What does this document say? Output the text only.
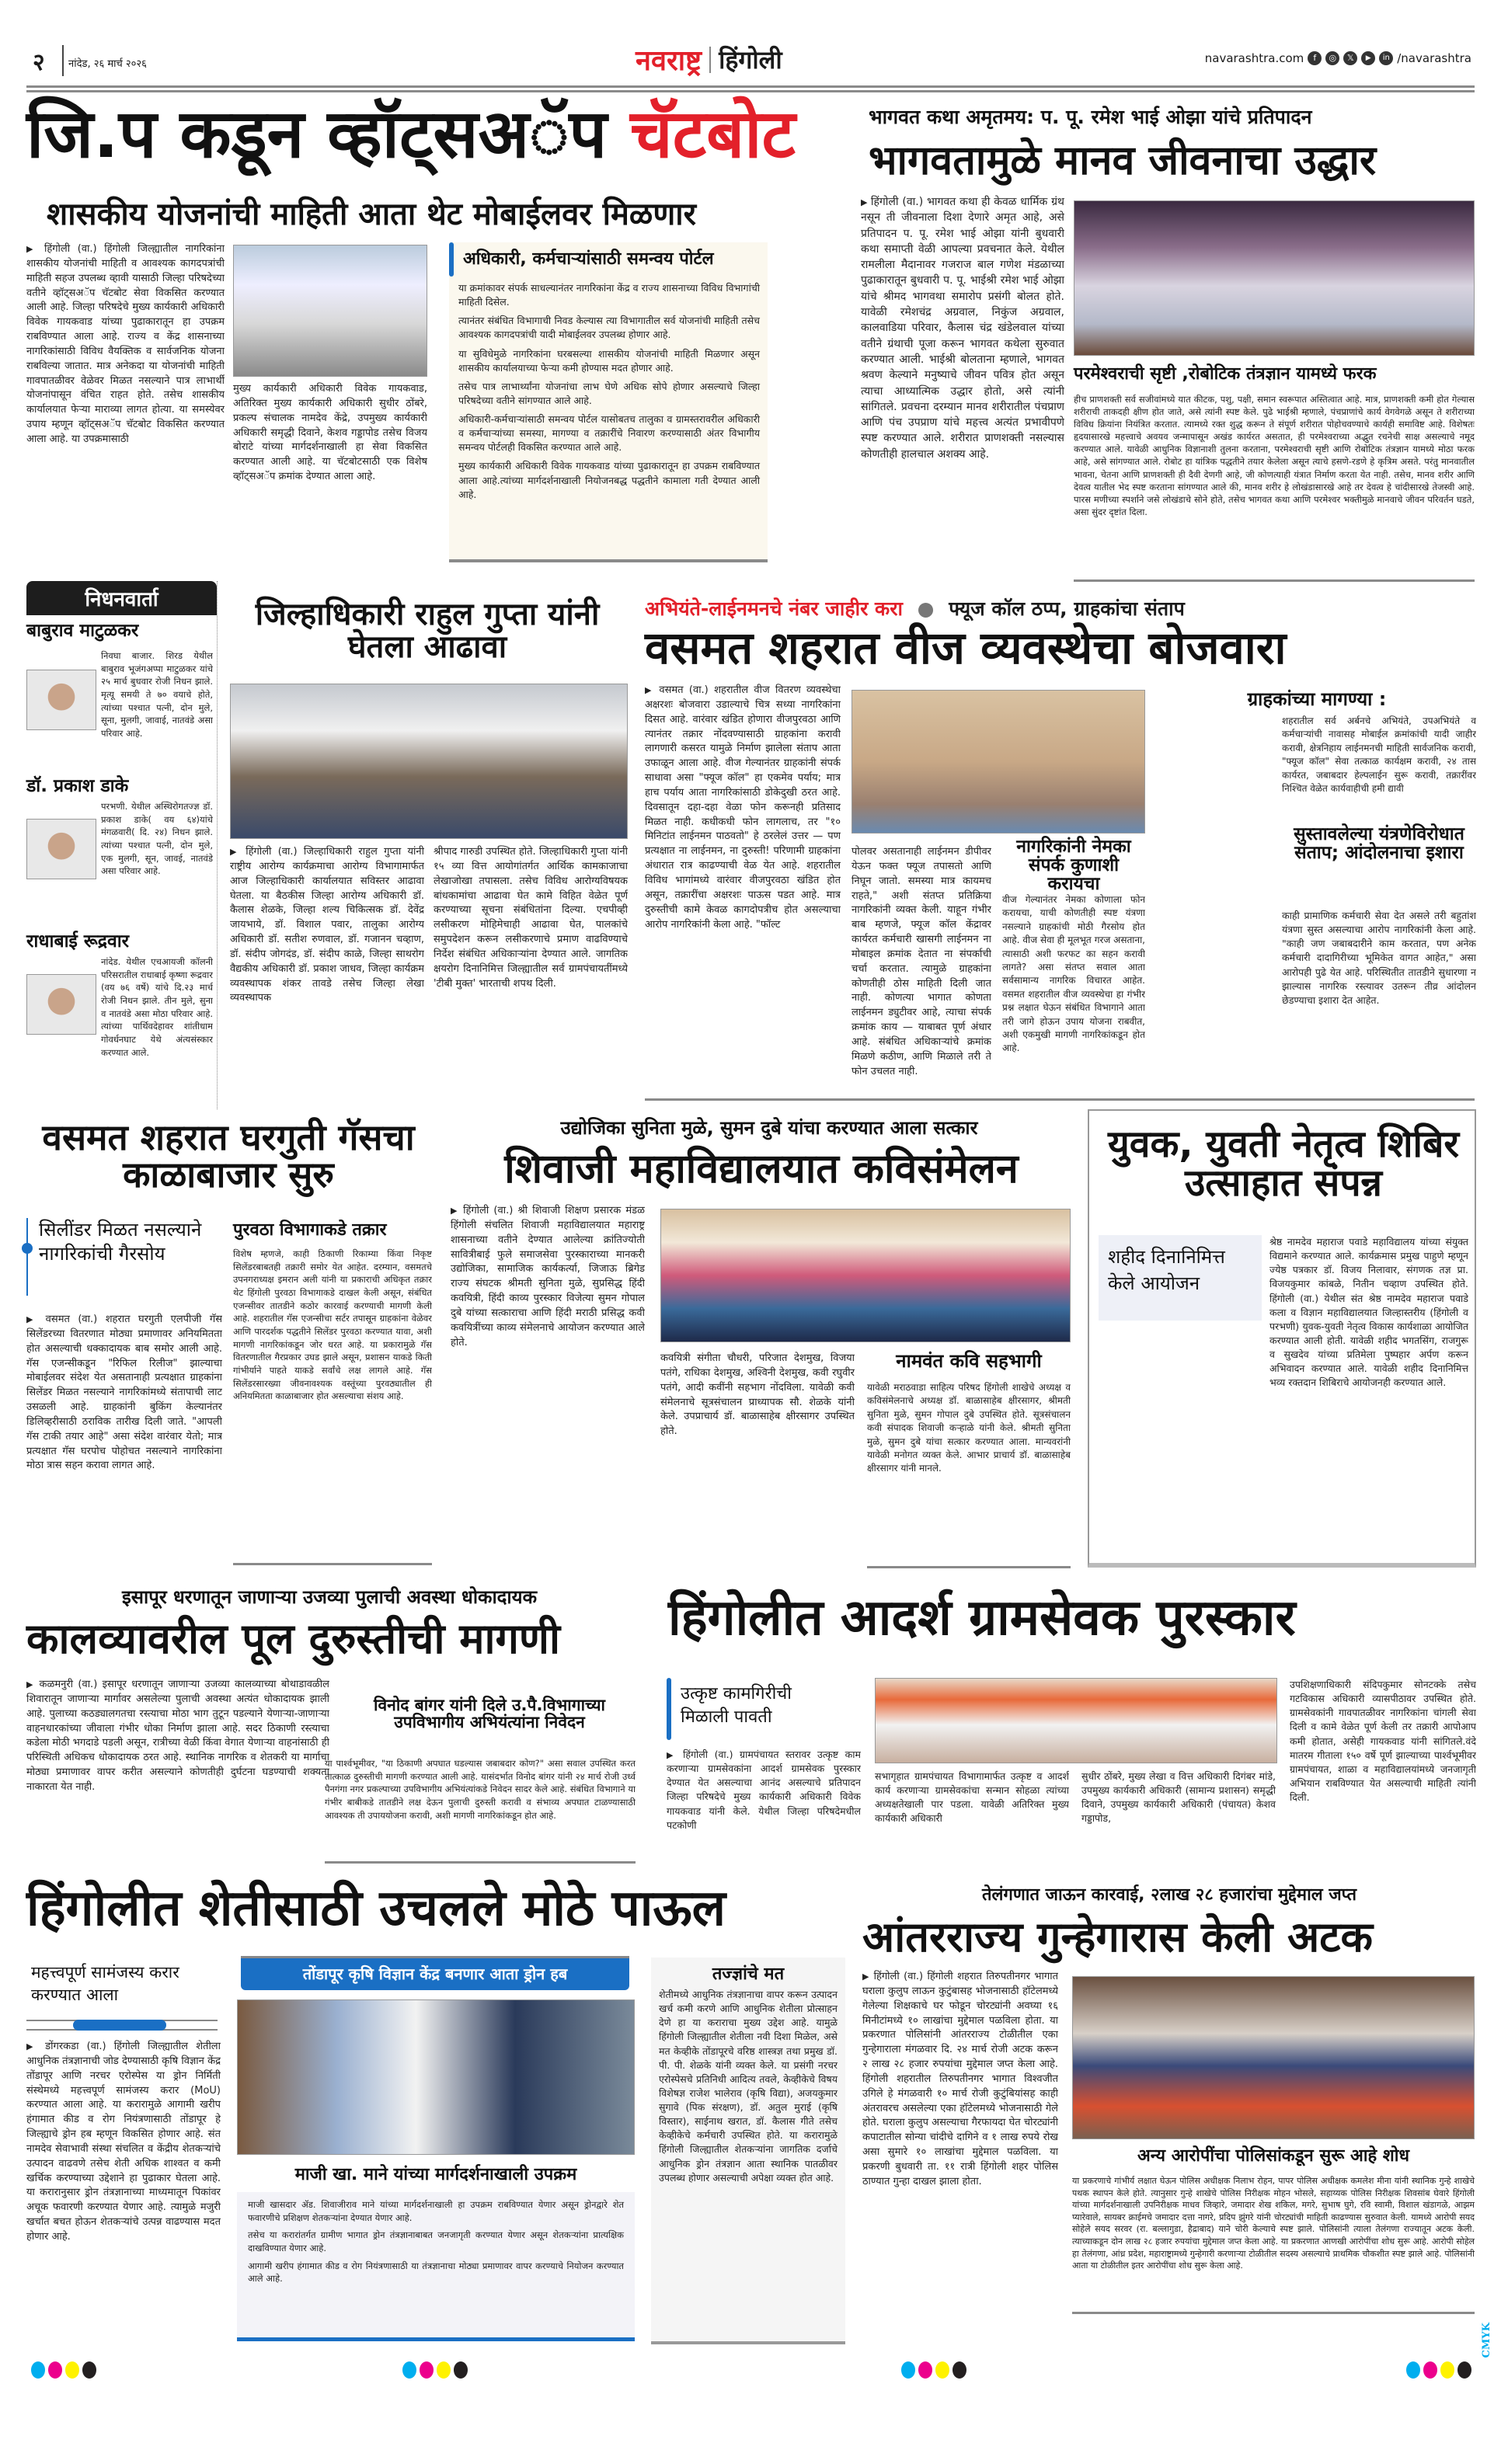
२ नांदेड, २६ मार्च २०२६	नवराष्ट्र हिंगोली	navarashtra.com	f	◎	𝕏	▶	in /navarashtra
जि.प कडून व्हॉट्सअॅप चॅटबोट
शासकीय योजनांची माहिती आता थेट मोबाईलवर मिळणार
▶ हिंगोली (वा.) हिंगोली जिल्ह्यातील नागरिकांना शासकीय योजनांची माहिती व आवश्यक कागदपत्रांची माहिती सहज उपलब्ध व्हावी यासाठी जिल्हा परिषदेच्या वतीने व्हॉट्सअॅप चॅटबोट सेवा विकसित करण्यात आली आहे. जिल्हा परिषदेचे मुख्य कार्यकारी अधिकारी विवेक गायकवाड यांच्या पुढाकारातून हा उपक्रम राबविण्यात आला आहे. राज्य व केंद्र शासनाच्या नागरिकांसाठी विविध वैयक्तिक व सार्वजनिक योजना राबविल्या जातात. मात्र अनेकदा या योजनांची माहिती गावपातळीवर वेळेवर मिळत नसल्याने पात्र लाभार्थी योजनांपासून वंचित राहत होते. तसेच शासकीय कार्यालयात फेऱ्या माराव्या लागत होत्या. या समस्येवर उपाय म्हणून व्हॉट्सअॅप चॅटबोट विकसित करण्यात आला आहे. या उपक्रमासाठी
मुख्य कार्यकारी अधिकारी विवेक गायकवाड, अतिरिक्त मुख्य कार्यकारी अधिकारी सुधीर ठोंबरे, प्रकल्प संचालक नामदेव केंद्रे, उपमुख्य कार्यकारी अधिकारी समृद्धी दिवाने, केशव गड्डापोड तसेच विजय बोराटे यांच्या मार्गदर्शनाखाली हा सेवा विकसित करण्यात आली आहे. या चॅटबोटसाठी एक विशेष व्हॉट्सअॅप क्रमांक देण्यात आला आहे.
अधिकारी, कर्मचाऱ्यांसाठी समन्वय पोर्टल

या क्रमांकावर संपर्क साधल्यानंतर नागरिकांना केंद्र व राज्य शासनाच्या विविध विभागांची माहिती दिसेल.

त्यानंतर संबंधित विभागाची निवड केल्यास त्या विभागातील सर्व योजनांची माहिती तसेच आवश्यक कागदपत्रांची यादी मोबाईलवर उपलब्ध होणार आहे.

या सुविधेमुळे नागरिकांना घरबसल्या शासकीय योजनांची माहिती मिळणार असून शासकीय कार्यालयाच्या फेऱ्या कमी होण्यास मदत होणार आहे.

तसेच पात्र लाभार्थ्यांना योजनांचा लाभ घेणे अधिक सोपे होणार असल्याचे जिल्हा परिषदेच्या वतीने सांगण्यात आले आहे.

अधिकारी-कर्मचाऱ्यांसाठी समन्वय पोर्टल यासोबतच तालुका व ग्रामस्तरावरील अधिकारी व कर्मचाऱ्यांच्या समस्या, मागण्या व तक्रारींचे निवारण करण्यासाठी अंतर विभागीय समन्वय पोर्टलही विकसित करण्यात आले आहे.

मुख्य कार्यकारी अधिकारी विवेक गायकवाड यांच्या पुढाकारातून हा उपक्रम राबविण्यात आला आहे.त्यांच्या मार्गदर्शनाखाली नियोजनबद्ध पद्धतीने कामाला गती देण्यात आली आहे.

भागवत कथा अमृतमय: प. पू. रमेश भाई ओझा यांचे प्रतिपादन
भागवतामुळे मानव जीवनाचा उद्धार
▶ हिंगोली (वा.) भागवत कथा ही केवळ धार्मिक ग्रंथ नसून ती जीवनाला दिशा देणारे अमृत आहे, असे प्रतिपादन प. पू. रमेश भाई ओझा यांनी बुधवारी कथा समाप्ती वेळी आपल्या प्रवचनात केले. येथील रामलीला मैदानावर गजराज बाल गणेश मंडळाच्या पुढाकारातून बुधवारी प. पू. भाईश्री रमेश भाई ओझा यांचे श्रीमद भागवथा समारोप प्रसंगी बोलत होते. यावेळी रमेशचंद्र अग्रवाल, निकुंज अग्रवाल, कालवाडिया परिवार, कैलास चंद्र खंडेलवाल यांच्या वतीने ग्रंथाची पूजा करून भागवत कथेला सुरुवात करण्यात आली. भाईश्री बोलताना म्हणाले, भागवत श्रवण केल्याने मनुष्याचे जीवन पवित्र होत असून त्याचा आध्यात्मिक उद्धार होतो, असे त्यांनी सांगितले. प्रवचना दरम्यान मानव शरीरातील पंचप्राण आणि पंच उपप्राण यांचे महत्त्व अत्यंत प्रभावीपणे स्पष्ट करण्यात आले. शरीरात प्राणशक्ती नसल्यास कोणतीही हालचाल अशक्य आहे.
परमेश्वराची सृष्टी ,रोबोटिक तंत्रज्ञान यामध्ये फरक
हीच प्राणशक्ती सर्व सजीवांमध्ये यात कीटक, पशु, पक्षी, समान स्वरूपात अस्तित्वात आहे. मात्र, प्राणशक्ती कमी होत गेल्यास शरीराची ताकदही क्षीण होत जाते, असे त्यांनी स्पष्ट केले. पुढे भाईश्री म्हणाले, पंचप्राणांचे कार्य वेगवेगळे असून ते शरीराच्या विविध क्रियांना नियंत्रित करतात. त्यामध्ये रक्त शुद्ध करून ते संपूर्ण शरीरात पोहोचवण्याचे कार्यही समाविष्ट आहे. विशेषतः हृदयासारखे महत्त्वाचे अवयव जन्मापासून अखंड कार्यरत असतात, ही परमेश्वराच्या अद्भुत रचनेची साक्ष असल्याचे नमूद करण्यात आले. यावेळी आधुनिक विज्ञानाशी तुलना करताना, परमेश्वराची सृष्टी आणि रोबोटिक तंत्रज्ञान यामध्ये मोठा फरक आहे, असे सांगण्यात आले. रोबोट हा यांत्रिक पद्धतीने तयार केलेला असून त्याचे हसणे-रडणे हे कृत्रिम असते. परंतु मानवातील भावना, चेतना आणि प्राणशक्ती ही दैवी देणगी आहे, जी कोणत्याही यंत्रात निर्माण करता येत नाही. तसेच, मानव शरीर आणि देवत्व यातील भेद स्पष्ट करताना सांगण्यात आले की, मानव शरीर हे लोखंडासारखे आहे तर देवत्व हे चांदीसारखे तेजस्वी आहे. पारस मणीच्या स्पर्शाने जसे लोखंडाचे सोने होते, तसेच भागवत कथा आणि परमेश्वर भक्तीमुळे मानवाचे जीवन परिवर्तन घडते, असा सुंदर दृष्टांत दिला.
निधनवार्ता
बाबुराव माटुळकर
निवघा बाजार. शिरड येथील बाबुराव भूजंगअप्पा माटुळकर यांचे २५ मार्च बुधवार रोजी निधन झाले. मृत्यू समयी ते ७० वयाचे होते, त्यांच्या पश्चात पत्नी, दोन मुले, सूना, मुलगी, जावाई, नातवंडे असा परिवार आहे.
डॉ. प्रकाश डाके
परभणी. येथील अस्थिरोगतज्ज्ञ डॉ. प्रकाश डाके( वय ६४)यांचे मंगळवारी( दि. २४) निधन झाले. त्यांच्या पश्चात पत्नी, दोन मुले, एक मुलगी, सून, जावई, नातवंडे असा परिवार आहे.
राधाबाई रूद्रवार
नांदेड. येथील एचआयजी कॉलनी परिसरातील राधाबाई कृष्णा रूद्रवार (वय ७६ वर्षे) यांचे दि.२३ मार्च रोजी निधन झाले. तीन मुले, सुना व नातवंडे असा मोठा परिवार आहे. त्यांच्या पार्थिवदेहावर शांतीधाम गोवर्धनघाट येथे अंत्यसंस्कार करण्यात आले.
जिल्हाधिकारी राहुल गुप्ता यांनी घेतला आढावा
▶ हिंगोली (वा.) जिल्हाधिकारी राहुल गुप्ता यांनी राष्ट्रीय आरोग्य कार्यक्रमाचा आरोग्य विभागामार्फत आज जिल्हाधिकारी कार्यालयात सविस्तर आढावा घेतला. या बैठकीस जिल्हा आरोग्य अधिकारी डॉ. कैलास शेळके, जिल्हा शल्य चिकित्सक डॉ. देवेंद्र जायभाये, डॉ. विशाल पवार, तालुका आरोग्य अधिकारी डॉ. सतीश रुणवाल, डॉ. गजानन चव्हाण, डॉ. संदीप जोगदंड, डॉ. संदीप काळे, जिल्हा साथरोग वैद्यकीय अधिकारी डॉ. प्रकाश जाधव, जिल्हा कार्यक्रम व्यवस्थापक शंकर तावडे तसेच जिल्हा लेखा व्यवस्थापक
श्रीपाद गारुडी उपस्थित होते. जिल्हाधिकारी गुप्ता यांनी १५ व्या वित्त आयोगांतर्गत आर्थिक कामकाजाचा लेखाजोखा तपासला. तसेच विविध आरोग्यविषयक बांधकामांचा आढावा घेत कामे विहित वेळेत पूर्ण करण्याच्या सूचना संबंधितांना दिल्या. एचपीव्ही लसीकरण मोहिमेचाही आढावा घेत, पालकांचे समुपदेशन करून लसीकरणाचे प्रमाण वाढविण्याचे निर्देश संबंधित अधिकाऱ्यांना देण्यात आले. जागतिक क्षयरोग दिनानिमित्त जिल्ह्यातील सर्व ग्रामपंचायतींमध्ये 'टीबी मुक्त' भारताची शपथ दिली.
अभियंते-लाईनमनचे नंबर जाहीर करा ● फ्यूज कॉल ठप्प, ग्राहकांचा संताप
वसमत शहरात वीज व्यवस्थेचा बोजवारा
▶ वसमत (वा.) शहरातील वीज वितरण व्यवस्थेचा अक्षरशः बोजवारा उडाल्याचे चित्र सध्या नागरिकांना दिसत आहे. वारंवार खंडित होणारा वीजपुरवठा आणि त्यानंतर तक्रार नोंदवण्यासाठी ग्राहकांना करावी लागणारी कसरत यामुळे निर्माण झालेला संताप आता उफाळून आला आहे. वीज गेल्यानंतर ग्राहकांनी संपर्क साधावा असा "फ्यूज कॉल" हा एकमेव पर्याय; मात्र हाच पर्याय आता नागरिकांसाठी डोकेदुखी ठरत आहे. दिवसातून दहा-दहा वेळा फोन करूनही प्रतिसाद मिळत नाही. कधीकधी फोन लागलाच, तर "१० मिनिटांत लाईनमन पाठवतो" हे ठरलेलं उत्तर — पण प्रत्यक्षात ना लाईनमन, ना दुरुस्ती! परिणामी ग्राहकांना अंधारात रात्र काढण्याची वेळ येत आहे. शहरातील विविध भागांमध्ये वारंवार वीजपुरवठा खंडित होत असून, तक्रारींचा अक्षरशः पाऊस पडत आहे. मात्र दुरुस्तीची कामे केवळ कागदोपत्रीच होत असल्याचा आरोप नागरिकांनी केला आहे. "फॉल्ट
पोलवर असतानाही लाईनमन डीपीवर येऊन फक्त फ्यूज तपासतो आणि निघून जातो. समस्या मात्र कायमच राहते," अशी संतप्त प्रतिक्रिया नागरिकांनी व्यक्त केली. याहून गंभीर बाब म्हणजे, फ्यूज कॉल केंद्रावर कार्यरत कर्मचारी खासगी लाईनमन ना मोबाइल क्रमांक देतात ना संपर्काची चर्चा करतात. त्यामुळे ग्राहकांना कोणतीही ठोस माहिती दिली जात नाही. कोणत्या भागात कोणता लाईनमन ड्युटीवर आहे, त्याचा संपर्क क्रमांक काय — याबाबत पूर्ण अंधार आहे. संबंधित अधिकाऱ्यांचे क्रमांक मिळणे कठीण, आणि मिळाले तरी ते फोन उचलत नाही.
नागरिकांनी नेमका संपर्क कुणाशी करायचा
वीज गेल्यानंतर नेमका कोणाला फोन करायचा, याची कोणतीही स्पष्ट यंत्रणा नसल्याने ग्राहकांची मोठी गैरसोय होत आहे. वीज सेवा ही मूलभूत गरज असताना, त्यासाठी अशी फरफट का सहन करावी लागते? असा संतप्त सवाल आता सर्वसामान्य नागरिक विचारत आहेत. वसमत शहरातील वीज व्यवस्थेचा हा गंभीर प्रश्न लक्षात घेऊन संबंधित विभागाने आता तरी जागे होऊन उपाय योजना राबवीत, अशी एकमुखी मागणी नागरिकांकडून होत आहे.
ग्राहकांच्या मागण्या :
शहरातील सर्व अर्बनचे अभियंते, उपअभियंते व कर्मचाऱ्यांची नावासह मोबाईल क्रमांकांची यादी जाहीर करावी, क्षेत्रनिहाय लाईनमनची माहिती सार्वजनिक करावी, "फ्यूज कॉल" सेवा तत्काळ कार्यक्षम करावी, २४ तास कार्यरत, जबाबदार हेल्पलाईन सुरू करावी, तक्रारींवर निश्चित वेळेत कार्यवाहीची हमी द्यावी
सुस्तावलेल्या यंत्रणेविरोधात संताप; आंदोलनाचा इशारा
काही प्रामाणिक कर्मचारी सेवा देत असले तरी बहुतांश यंत्रणा सुस्त असल्याचा आरोप नागरिकांनी केला आहे. "काही जण जबाबदारीने काम करतात, पण अनेक कर्मचारी दादागिरीच्या भूमिकेत वागत आहेत," असा आरोपही पुढे येत आहे. परिस्थितीत तातडीने सुधारणा न झाल्यास नागरिक रस्त्यावर उतरून तीव्र आंदोलन छेडण्याचा इशारा देत आहेत.
वसमत शहरात घरगुती गॅसचा काळाबाजार सुरु
सिलींडर मिळत नसल्याने नागरिकांची गैरसोय
▶ वसमत (वा.) शहरात घरगुती एलपीजी गॅस सिलेंडरच्या वितरणात मोठ्या प्रमाणावर अनियमितता होत असल्याची धक्कादायक बाब समोर आली आहे. गॅस एजन्सीकडून "रिफिल रिलीज" झाल्याचा मोबाईलवर संदेश येत असतानाही प्रत्यक्षात ग्राहकांना सिलेंडर मिळत नसल्याने नागरिकांमध्ये संतापाची लाट उसळली आहे. ग्राहकांनी बुकिंग केल्यानंतर डिलिव्हरीसाठी ठराविक तारीख दिली जाते. "आपली गॅस टाकी तयार आहे" असा संदेश वारंवार येतो; मात्र प्रत्यक्षात गॅस घरपोच पोहोचत नसल्याने नागरिकांना मोठा त्रास सहन करावा लागत आहे.
पुरवठा विभागाकडे तक्रार
विशेष म्हणजे, काही ठिकाणी रिकाम्या किंवा निकृष्ट सिलेंडरबाबतही तक्रारी समोर येत आहेत. दरम्यान, वसमतचे उपनगराध्यक्ष इमरान अली यांनी या प्रकाराची अधिकृत तक्रार थेट हिंगोली पुरवठा विभागाकडे दाखल केली असून, संबंधित एजन्सीवर तातडीने कठोर कारवाई करण्याची मागणी केली आहे. शहरातील गॅस एजन्सीचा सर्टर तपासून ग्राहकांना वेळेवर आणि पारदर्शक पद्धतीने सिलेंडर पुरवठा करण्यात यावा, अशी मागणी नागरिकांकडून जोर धरत आहे. या प्रकारामुळे गॅस वितरणातील गैरप्रकार उघड झाले असून, प्रशासन याकडे किती गांभीर्याने पाहते याकडे सर्वांचे लक्ष लागले आहे. गॅस सिलेंडरसारख्या जीवनावश्यक वस्तूंच्या पुरवठ्यातील ही अनियमितता काळाबाजार होत असल्याचा संशय आहे.
उद्योजिका सुनिता मुळे, सुमन दुबे यांचा करण्यात आला सत्कार
शिवाजी महाविद्यालयात कविसंमेलन
▶ हिंगोली (वा.) श्री शिवाजी शिक्षण प्रसारक मंडळ हिंगोली संचलित शिवाजी महाविद्यालयात महाराष्ट्र शासनाच्या वतीने देण्यात आलेल्या क्रांतिज्योती सावित्रीबाई फुले समाजसेवा पुरस्काराच्या मानकरी उद्योजिका, सामाजिक कार्यकर्त्या, जिजाऊ ब्रिगेड राज्य संघटक श्रीमती सुनिता मुळे, सुप्रसिद्ध हिंदी कवयित्री, हिंदी काव्य पुरस्कार विजेत्या सुमन गोपाल दुबे यांच्या सत्काराचा आणि हिंदी मराठी प्रसिद्ध कवी कवयित्रींच्या काव्य संमेलनाचे आयोजन करण्यात आले होते.
कवयित्री संगीता चौधरी, परिजात देशमुख, विजया पतंगे, राधिका देशमुख, अश्विनी देशमुख, कवी रघुवीर पतंगे, आदी कवींनी सहभाग नोंदविला. यावेळी कवी संमेलनाचे सूत्रसंचालन प्राध्यापक सौ. शेळके यांनी केले. उपप्राचार्य डॉ. बाळासाहेब क्षीरसागर उपस्थित होते.
नामवंत कवि सहभागी
यावेळी मराठवाडा साहित्य परिषद हिंगोली शाखेचे अध्यक्ष व कविसंमेलनाचे अध्यक्ष डॉ. बाळासाहेब क्षीरसागर, श्रीमती सुनिता मुळे, सुमन गोपाल दुबे उपस्थित होते. सूत्रसंचालन कवी संपादक शिवाजी कऱ्हाळे यांनी केले. श्रीमती सुनिता मुळे, सुमन दुबे यांचा सत्कार करण्यात आला. मान्यवरांनी यावेळी मनोगत व्यक्त केले. आभार प्राचार्य डॉ. बाळासाहेब क्षीरसागर यांनी मानले.
युवक, युवती नेतृत्व शिबिर उत्साहात संपन्न
शहीद दिनानिमित्त केले आयोजन
श्रेष्ठ नामदेव महाराज पवाडे महाविद्यालय यांच्या संयुक्त विद्यमाने करण्यात आले. कार्यक्रमास प्रमुख पाहुणे म्हणून ज्येष्ठ पत्रकार डॉ. विजय निलावार, संगणक तज्ञ प्रा. विजयकुमार कांबळे, नितीन चव्हाण उपस्थित होते. हिंगोली (वा.) येथील संत श्रेष्ठ नामदेव महाराज पवाडे कला व विज्ञान महाविद्यालयात जिल्हास्तरीय (हिंगोली व परभणी) युवक-युवती नेतृत्व विकास कार्यशाळा आयोजित करण्यात आली होती. यावेळी शहीद भगतसिंग, राजगुरू व सुखदेव यांच्या प्रतिमेला पुष्पहार अर्पण करून अभिवादन करण्यात आले. यावेळी शहीद दिनानिमित्त भव्य रक्तदान शिबिराचे आयोजनही करण्यात आले.
इसापूर धरणातून जाणाऱ्या उजव्या पुलाची अवस्था धोकादायक
कालव्यावरील पूल दुरुस्तीची मागणी
▶ कळमनुरी (वा.) इसापूर धरणातून जाणाऱ्या उजव्या कालव्याच्या बोथाडावळील शिवारातून जाणाऱ्या मार्गावर असलेल्या पुलाची अवस्था अत्यंत धोकादायक झाली आहे. पुलाच्या कठड्यालगतचा रस्त्याचा मोठा भाग तुटून पडल्याने येणाऱ्या-जाणाऱ्या वाहनधारकांच्या जीवाला गंभीर धोका निर्माण झाला आहे. सदर ठिकाणी रस्त्याचा कडेला मोठी भगदाडे पडली असून, रात्रीच्या वेळी किंवा वेगात येणाऱ्या वाहनांसाठी ही परिस्थिती अधिकच धोकादायक ठरत आहे. स्थानिक नागरिक व शेतकरी या मार्गाचा मोठ्या प्रमाणावर वापर करीत असल्याने कोणतीही दुर्घटना घडण्याची शक्यता नाकारता येत नाही.
विनोद बांगर यांनी दिले उ.पै.विभागाच्या उपविभागीय अभियंत्यांना निवेदन
या पार्श्वभूमीवर, "या ठिकाणी अपघात घडल्यास जबाबदार कोण?" असा सवाल उपस्थित करत तात्काळ दुरुस्तीची मागणी करण्यात आली आहे. यासंदर्भात विनोद बांगर यांनी २४ मार्च रोजी उर्ध्व पैनगंगा नगर प्रकल्पाच्या उपविभागीय अभियंत्यांकडे निवेदन सादर केले आहे. संबंधित विभागाने या गंभीर बाबीकडे तातडीने लक्ष देऊन पुलाची दुरुस्ती करावी व संभाव्य अपघात टाळण्यासाठी आवश्यक ती उपाययोजना करावी, अशी मागणी नागरिकांकडून होत आहे.
हिंगोलीत आदर्श ग्रामसेवक पुरस्कार
उत्कृष्ट कामगिरीची मिळाली पावती
▶ हिंगोली (वा.) ग्रामपंचायत स्तरावर उत्कृष्ट काम करणाऱ्या ग्रामसेवकांना आदर्श ग्रामसेवक पुरस्कार देण्यात येत असल्याचा आनंद असल्याचे प्रतिपादन जिल्हा परिषदेचे मुख्य कार्यकारी अधिकारी विवेक गायकवाड यांनी केले. येथील जिल्हा परिषदेमधील पटकोणी
सभागृहात ग्रामपंचायत विभागामार्फत उत्कृष्ट व आदर्श कार्य करणाऱ्या ग्रामसेवकांचा सन्मान सोहळा त्यांच्या अध्यक्षतेखाली पार पडला. यावेळी अतिरिक्त मुख्य कार्यकारी अधिकारी
सुधीर ठोंबरे, मुख्य लेखा व वित्त अधिकारी दिगंबर मांडे, उपमुख्य कार्यकारी अधिकारी (सामान्य प्रशासन) समृद्धी दिवाने, उपमुख्य कार्यकारी अधिकारी (पंचायत) केशव गड्डापोड,
उपशिक्षणाधिकारी संदिपकुमार सोनटक्के तसेच गटविकास अधिकारी व्यासपीठावर उपस्थित होते. ग्रामसेवकांनी गावपातळीवर नागरिकांना चांगली सेवा दिली व कामे वेळेत पूर्ण केली तर तक्रारी आपोआप कमी होतात, असेही गायकवाड यांनी सांगितले.वंदे मातरम गीताला १५० वर्षे पूर्ण झाल्याच्या पार्श्वभूमीवर ग्रामपंचायत, शाळा व महाविद्यालयांमध्ये जनजागृती अभियान राबविण्यात येत असल्याची माहिती त्यांनी दिली.
हिंगोलीत शेतीसाठी उचलले मोठे पाऊल
महत्त्वपूर्ण सामंजस्य करार करण्यात आला
▶ डोंगरकडा (वा.) हिंगोली जिल्ह्यातील शेतीला आधुनिक तंत्रज्ञानाची जोड देण्यासाठी कृषि विज्ञान केंद्र तोंडापूर आणि नरचर एरोस्पेस या ड्रोन निर्मिती संस्थेमध्ये महत्त्वपूर्ण सामंजस्य करार (MoU) करण्यात आला आहे. या करारामुळे आगामी खरीप हंगामात कीड व रोग नियंत्रणासाठी तोंडापूर हे जिल्ह्याचे ड्रोन हब म्हणून विकसित होणार आहे. संत नामदेव सेवाभावी संस्था संचलित व केंद्रीय शेतकऱ्यांचे उत्पादन वाढवणे तसेच शेती अधिक शाश्वत व कमी खर्चिक करण्याच्या उद्देशाने हा पुढाकार घेतला आहे. या करारानुसार ड्रोन तंत्रज्ञानाच्या माध्यमातून पिकांवर अचूक फवारणी करण्यात येणार आहे. त्यामुळे मजुरी खर्चात बचत होऊन शेतकऱ्यांचे उत्पन्न वाढण्यास मदत होणार आहे.
तोंडापूर कृषि विज्ञान केंद्र बनणार आता ड्रोन हब
माजी खा. माने यांच्या मार्गदर्शनाखाली उपक्रम

माजी खासदार ॲड. शिवाजीराव माने यांच्या मार्गदर्शनाखाली हा उपक्रम राबविण्यात येणार असून ड्रोनद्वारे शेत फवारणीचे प्रशिक्षण शेतकऱ्यांना देण्यात येणार आहे.

तसेच या करारांतर्गत ग्रामीण भागात ड्रोन तंत्रज्ञानाबाबत जनजागृती करण्यात येणार असून शेतकऱ्यांना प्रात्यक्षिक दाखविण्यात येणार आहे.

आगामी खरीप हंगामात कीड व रोग नियंत्रणासाठी या तंत्रज्ञानाचा मोठ्या प्रमाणावर वापर करण्याचे नियोजन करण्यात आले आहे.

तज्ज्ञांचे मत
शेतीमध्ये आधुनिक तंत्रज्ञानाचा वापर करून उत्पादन खर्च कमी करणे आणि आधुनिक शेतीला प्रोत्साहन देणे हा या कराराचा मुख्य उद्देश आहे. यामुळे हिंगोली जिल्ह्यातील शेतीला नवी दिशा मिळेल, असे मत केव्हीके तोंडापूरचे वरिष्ठ शास्त्रज्ञ तथा प्रमुख डॉ. पी. पी. शेळके यांनी व्यक्त केले. या प्रसंगी नरचर एरोस्पेसचे प्रतिनिधी आदित्य तवले, केव्हीकेचे विषय विशेषज्ञ राजेश भालेराव (कृषि विद्या), अजयकुमार सुगावे (पिक संरक्षण), डॉ. अतुल मुराई (कृषि विस्तार), साईनाथ खरात, डॉ. कैलास गीते तसेच केव्हीकेचे कर्मचारी उपस्थित होते. या करारामुळे हिंगोली जिल्ह्यातील शेतकऱ्यांना जागतिक दर्जाचे आधुनिक ड्रोन तंत्रज्ञान आता स्थानिक पातळीवर उपलब्ध होणार असल्याची अपेक्षा व्यक्त होत आहे.
तेलंगणात जाऊन कारवाई, २लाख २८ हजारांचा मुद्देमाल जप्त
आंतरराज्य गुन्हेगारास केली अटक
▶ हिंगोली (वा.) हिंगोली शहरात तिरुपतीनगर भागात घराला कुलुप लाऊन कुटुंबासह भोजनासाठी हॉटेलमध्ये गेलेल्या शिक्षकाचे घर फोडून चोरट्यांनी अवघ्या १६ मिनीटांमध्ये १० लाखांचा मुद्देमाल पळविला होता. या प्रकरणात पोलिसांनी आंतरराज्य टोळीतील एका गुन्हेगाराला मंगळवार दि. २४ मार्च रोजी अटक करून २ लाख २८ हजार रुपयांचा मुद्देमाल जप्त केला आहे. हिंगोली शहरातील तिरुपतीनगर भागात विश्वजीत उगिले हे मंगळवारी १० मार्च रोजी कुटुंबियांसह काही अंतरावरच असलेल्या एका हॉटेलमध्ये भोजनासाठी गेले होते. घराला कुलुप असल्याचा गैरफायदा घेत चोरट्यांनी कपाटातील सोन्या चांदीचे दागिने व १ लाख रुपये रोख असा सुमारे १० लाखांचा मुद्देमाल पळविला. या प्रकरणी बुधवारी ता. ११ रात्री हिंगोली शहर पोलिस ठाण्यात गुन्हा दाखल झाला होता.
अन्य आरोपींचा पोलिसांकडून सुरू आहे शोध
या प्रकरणाचे गांभीर्य लक्षात घेऊन पोलिस अधीक्षक निलाभ रोहन, पापर पोलिस अधीक्षक कमलेश मीना यांनी स्थानिक गुन्हे शाखेचे पथक स्थापन केले होते. त्यानुसार गुन्हे शाखेचे पोलिस निरीक्षक मोहन भोसले, सहाय्यक पोलिस निरीक्षक शिवसांब घेवारे हिंगोली यांच्या मार्गदर्शनाखाली उपनिरीक्षक माधव जिव्हारे, जमादार शेख शकिल, मगरे, सुभाष घुगे, रवि स्वामी, विशाल खंडागळे, आझम प्यारेवाले, सायबर क्राईमचे जमादार दत्ता नागरे, प्रदिप झुंगरे यांनी चोरट्यांची माहिती काढण्यास सुरुवात केली. यामध्ये आरोपी सयद सोहेले सयद सरवर (रा. बल्लागुडा, हैद्राबाद) याने चोरी केल्याचे स्पष्ट झाले. पोलिसांनी त्याला तेलंगणा राज्यातून अटक केली. त्याच्याकडून दोन लाख २८ हजार रुपयांचा मुद्देमाल जप्त केला आहे. या प्रकरणात आणखी आरोपींचा शोध सुरू आहे. आरोपी सोहेल हा तेलंगणा, आंध्र प्रदेश, महाराष्ट्रामध्ये गुन्हेगारी करणाऱ्या टोळीतील सदस्य असल्याचे प्राथमिक चौकशीत स्पष्ट झाले आहे. पोलिसांनी आता या टोळीतील इतर आरोपींचा शोध सुरू केला आहे.
CMYK
